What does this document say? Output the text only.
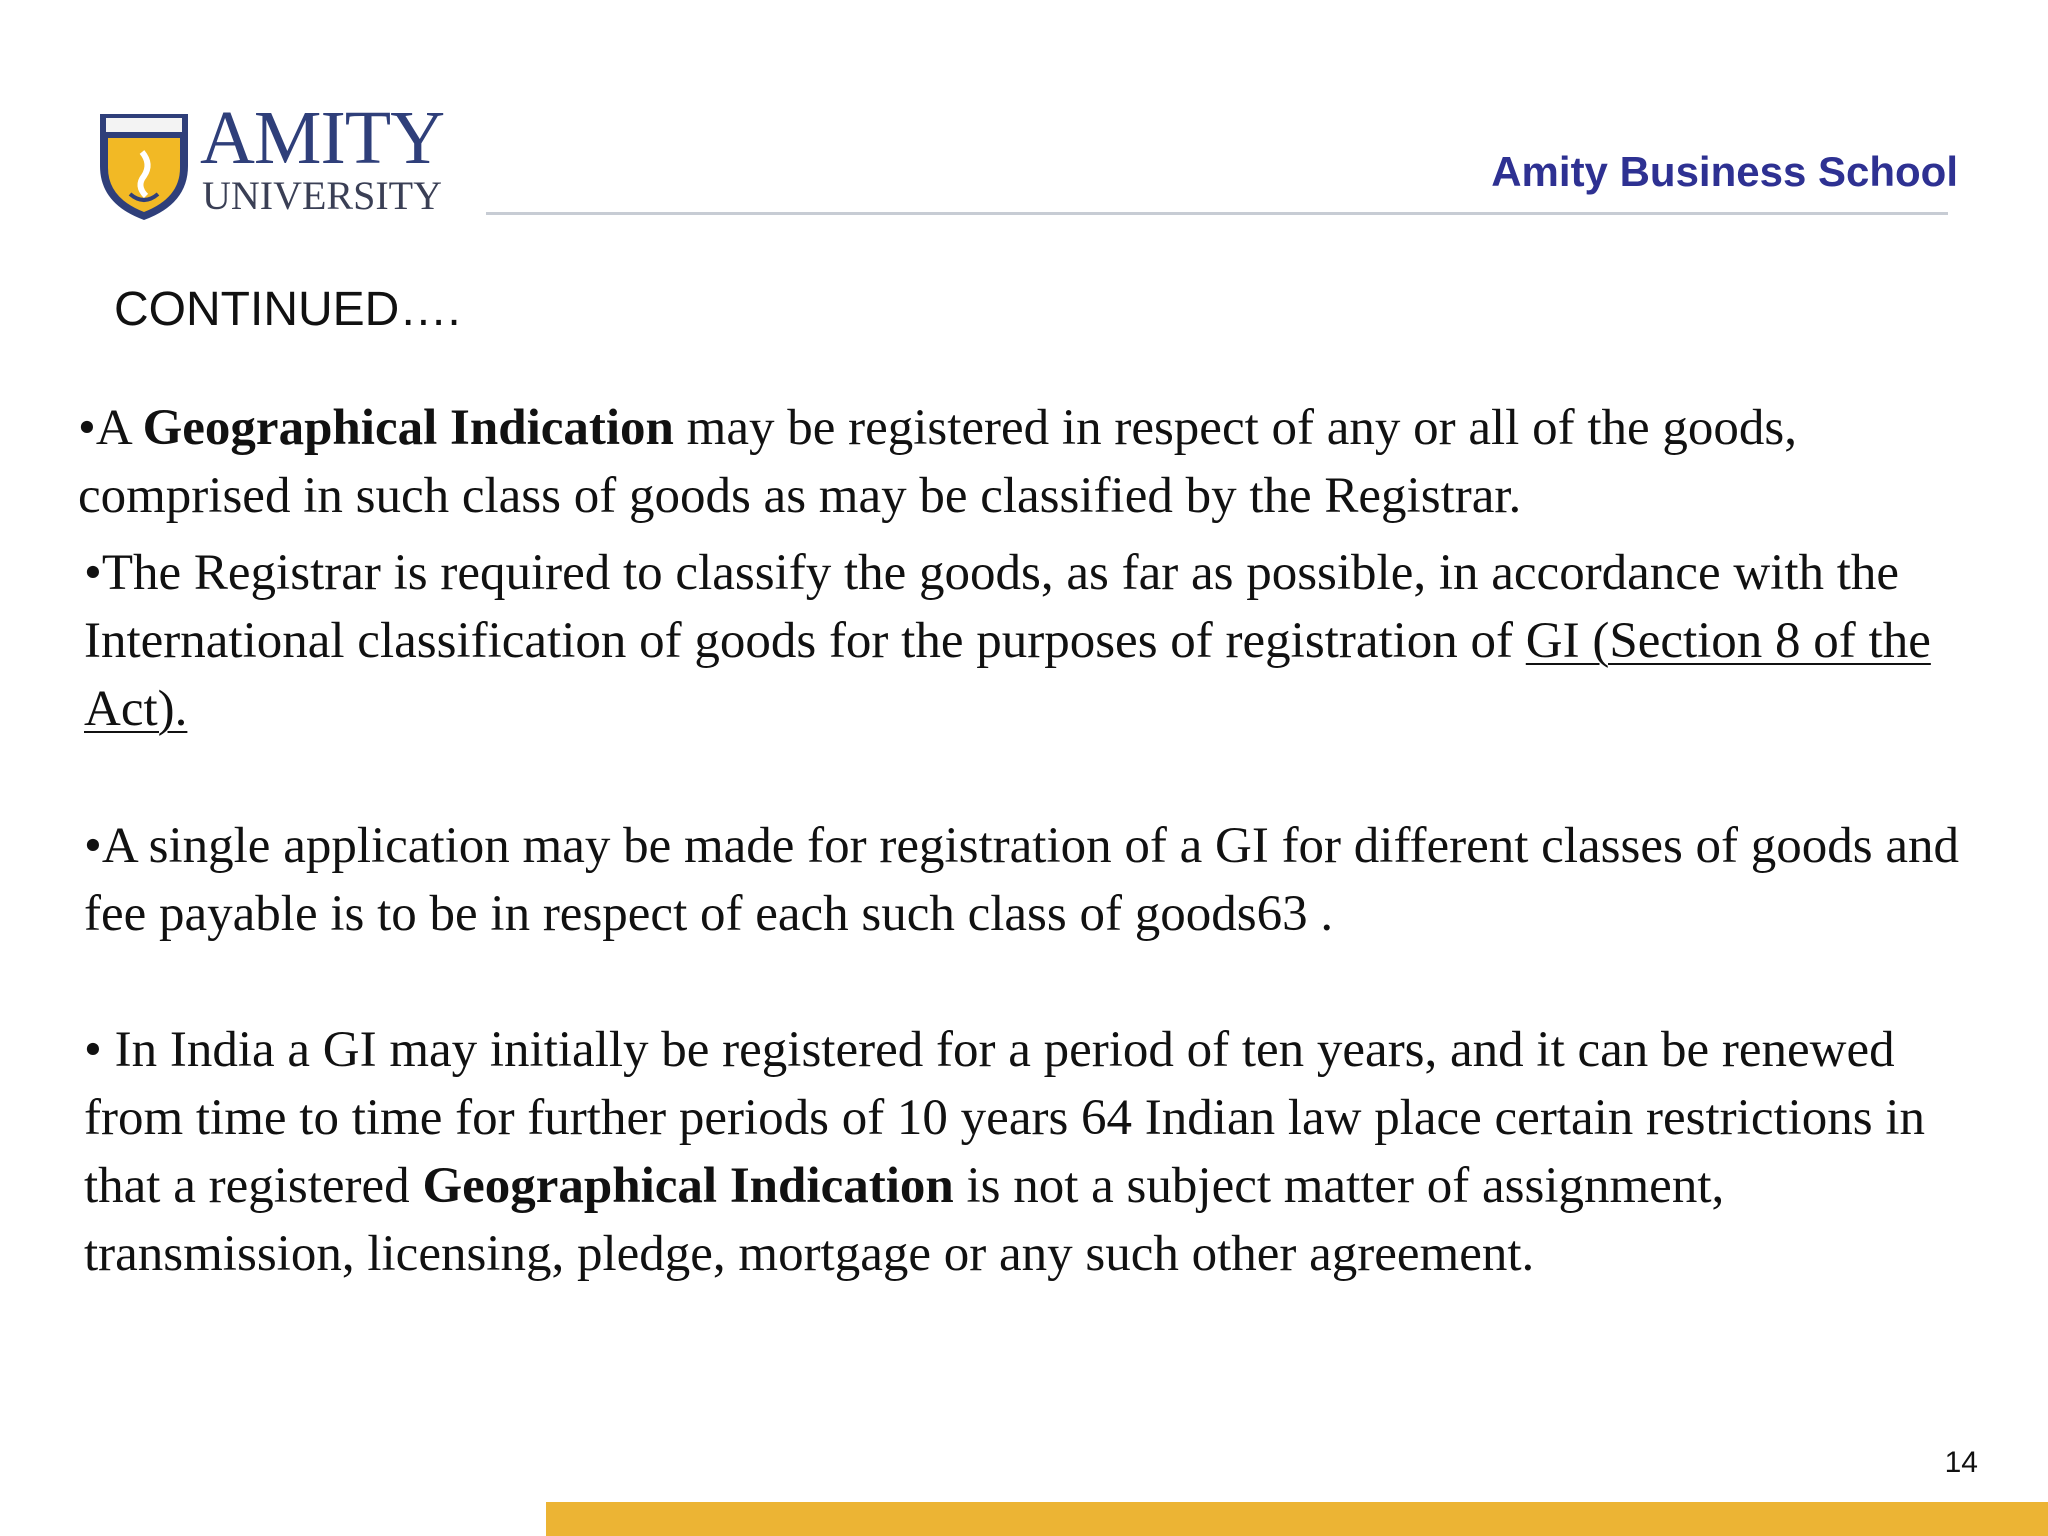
AMITY
UNIVERSITY
Amity Business School
CONTINUED….

•A Geographical Indication may be registered in respect of any or all of the goods, comprised in such class of goods as may be classified by the Registrar.

•The Registrar is required to classify the goods, as far as possible, in accordance with the International classification of goods for the purposes of registration of GI (Section 8 of the Act).

•A single application may be made for registration of a GI for different classes of goods and fee payable is to be in respect of each such class of goods63 .

• In India a GI may initially be registered for a period of ten years, and it can be renewed from time to time for further periods of 10 years 64 Indian law place certain restrictions in that a registered Geographical Indication is not a subject matter of assignment, transmission, licensing, pledge, mortgage or any such other agreement.

14
